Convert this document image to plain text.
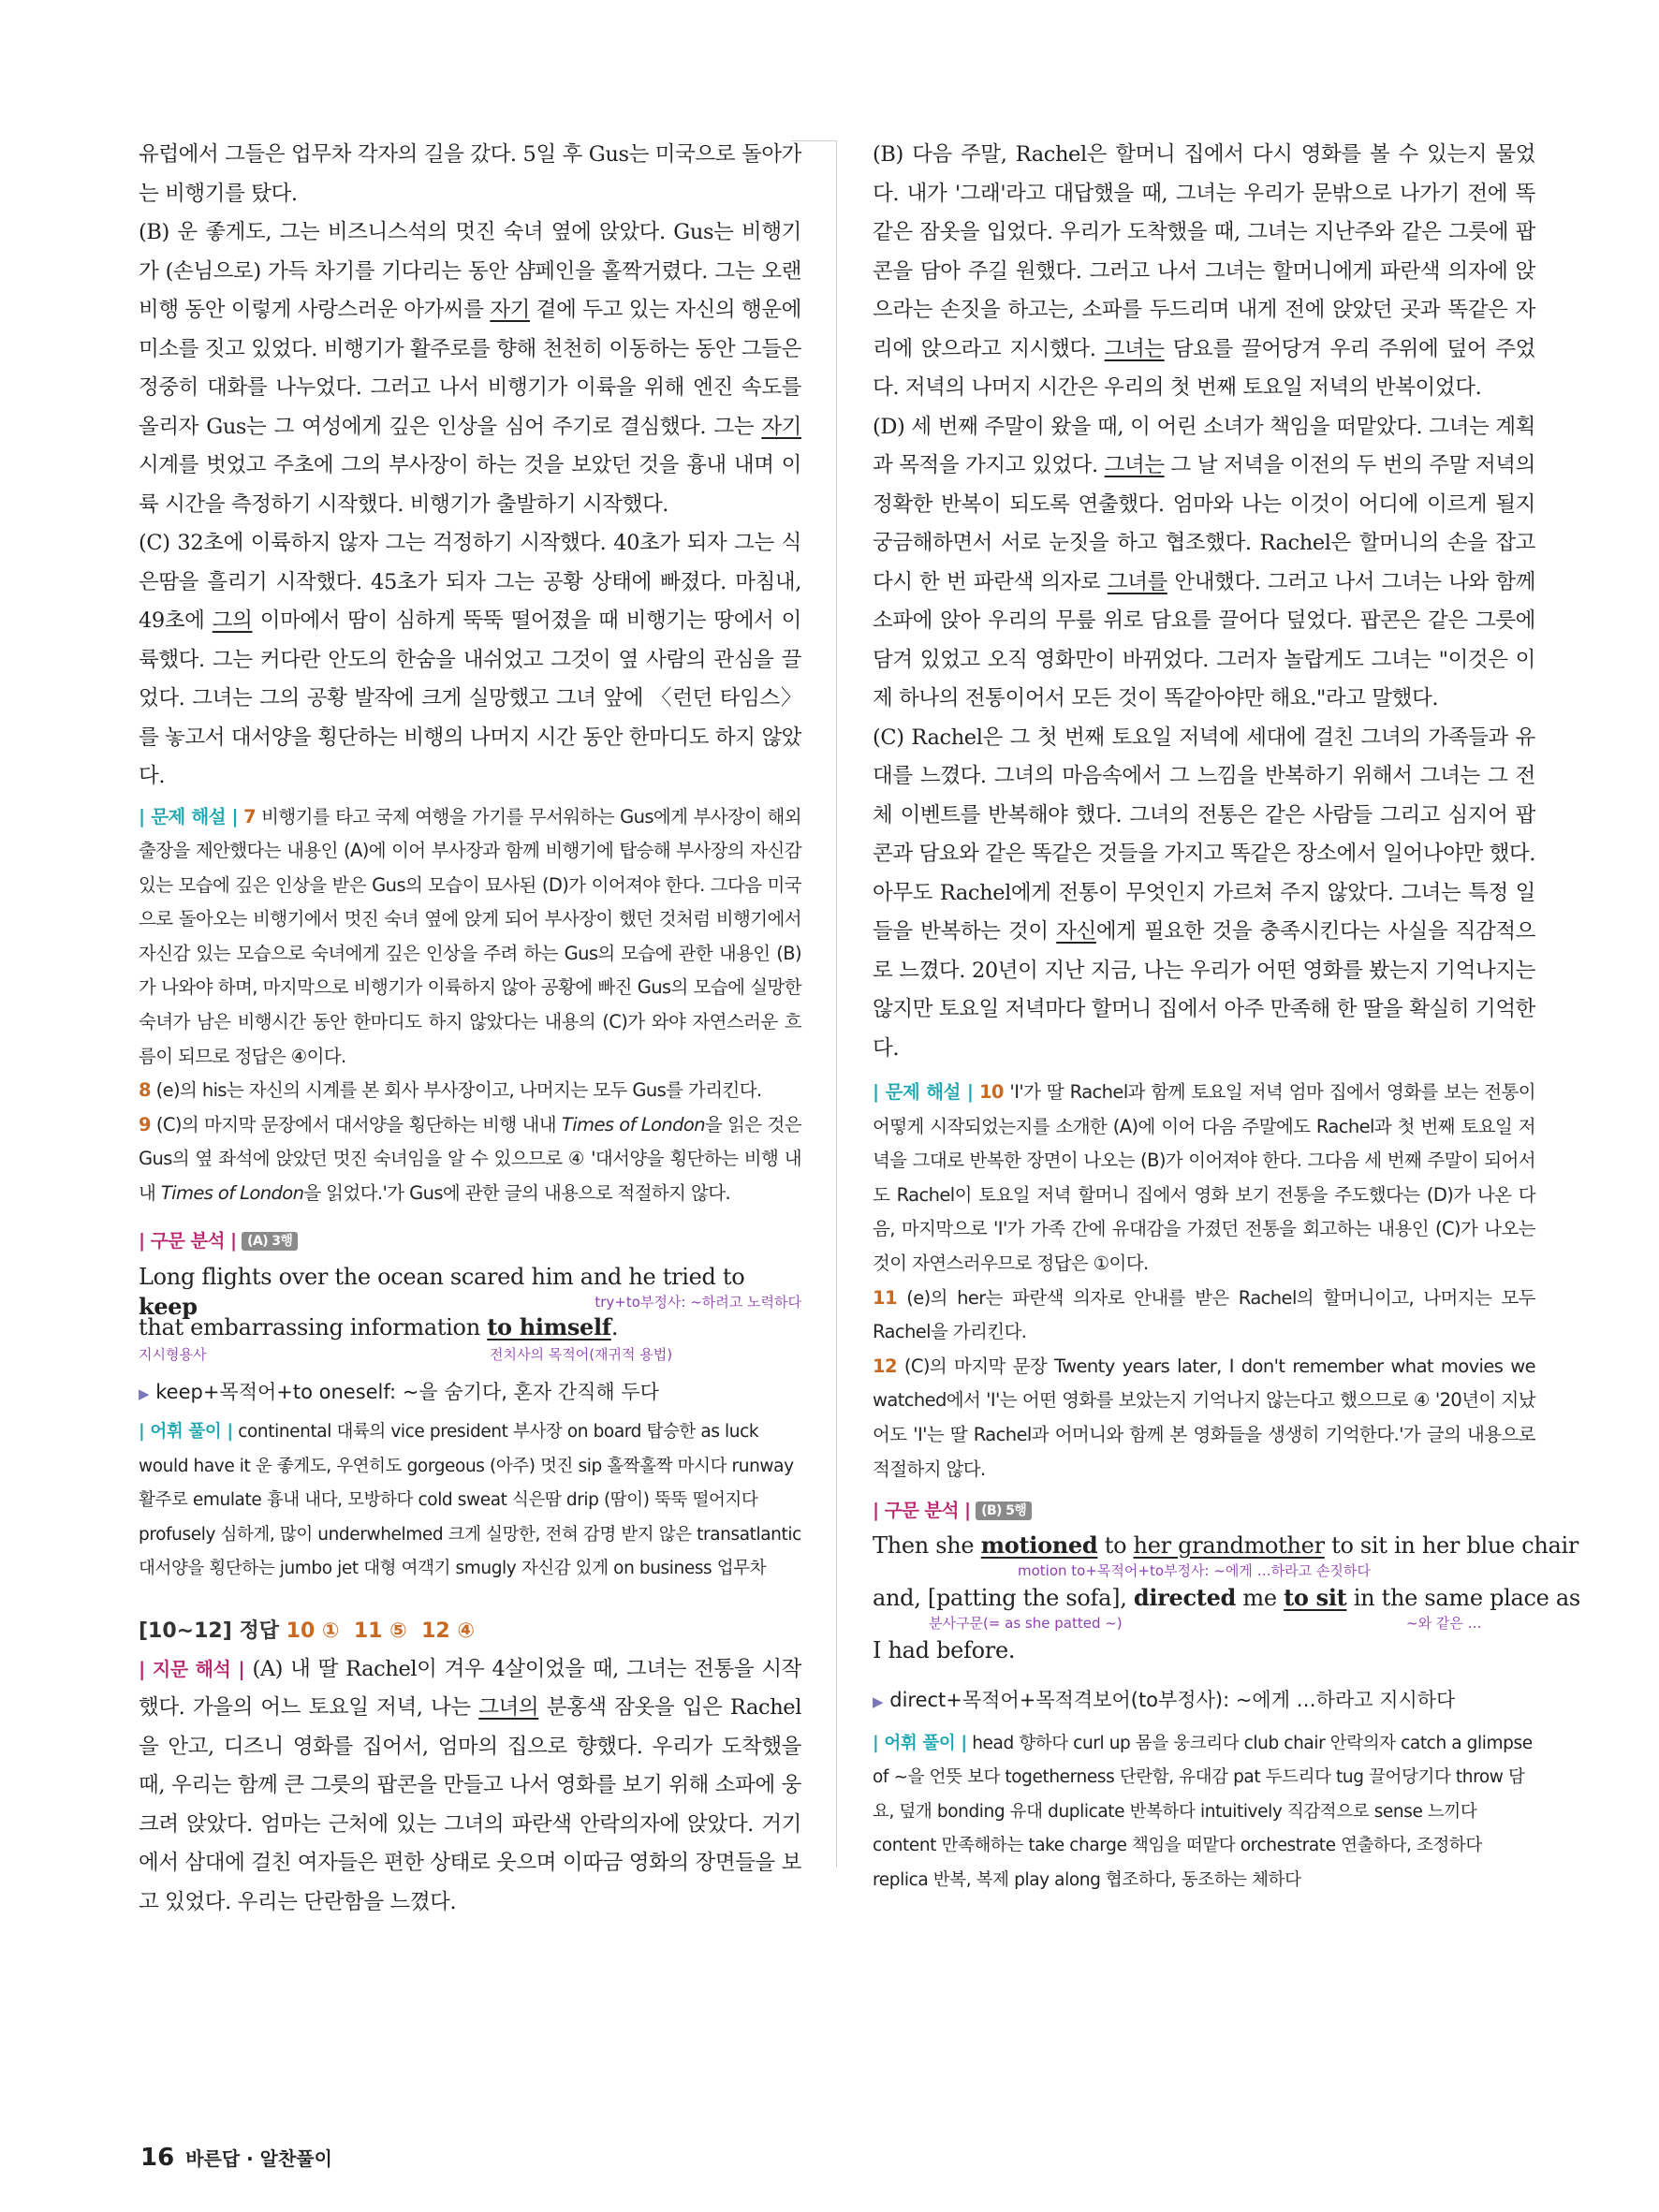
유럽에서 그들은 업무차 각자의 길을 갔다. 5일 후 Gus는 미국으로 돌아가는 비행기를 탔다.

(B) 운 좋게도, 그는 비즈니스석의 멋진 숙녀 옆에 앉았다. Gus는 비행기가 (손님으로) 가득 차기를 기다리는 동안 샴페인을 홀짝거렸다. 그는 오랜 비행 동안 이렇게 사랑스러운 아가씨를 자기 곁에 두고 있는 자신의 행운에 미소를 짓고 있었다. 비행기가 활주로를 향해 천천히 이동하는 동안 그들은 정중히 대화를 나누었다. 그러고 나서 비행기가 이륙을 위해 엔진 속도를 올리자 Gus는 그 여성에게 깊은 인상을 심어 주기로 결심했다. 그는 자기 시계를 벗었고 주초에 그의 부사장이 하는 것을 보았던 것을 흉내 내며 이륙 시간을 측정하기 시작했다. 비행기가 출발하기 시작했다.

(C) 32초에 이륙하지 않자 그는 걱정하기 시작했다. 40초가 되자 그는 식은땀을 흘리기 시작했다. 45초가 되자 그는 공황 상태에 빠졌다. 마침내, 49초에 그의 이마에서 땀이 심하게 뚝뚝 떨어졌을 때 비행기는 땅에서 이륙했다. 그는 커다란 안도의 한숨을 내쉬었고 그것이 옆 사람의 관심을 끌었다. 그녀는 그의 공황 발작에 크게 실망했고 그녀 앞에 〈런던 타임스〉를 놓고서 대서양을 횡단하는 비행의 나머지 시간 동안 한마디도 하지 않았다.

| 문제 해설 | 7 비행기를 타고 국제 여행을 가기를 무서워하는 Gus에게 부사장이 해외 출장을 제안했다는 내용인 (A)에 이어 부사장과 함께 비행기에 탑승해 부사장의 자신감 있는 모습에 깊은 인상을 받은 Gus의 모습이 묘사된 (D)가 이어져야 한다. 그다음 미국으로 돌아오는 비행기에서 멋진 숙녀 옆에 앉게 되어 부사장이 했던 것처럼 비행기에서 자신감 있는 모습으로 숙녀에게 깊은 인상을 주려 하는 Gus의 모습에 관한 내용인 (B)가 나와야 하며, 마지막으로 비행기가 이륙하지 않아 공황에 빠진 Gus의 모습에 실망한 숙녀가 남은 비행시간 동안 한마디도 하지 않았다는 내용의 (C)가 와야 자연스러운 흐름이 되므로 정답은 ④이다.

8 (e)의 his는 자신의 시계를 본 회사 부사장이고, 나머지는 모두 Gus를 가리킨다.

9 (C)의 마지막 문장에서 대서양을 횡단하는 비행 내내 Times of London을 읽은 것은 Gus의 옆 좌석에 앉았던 멋진 숙녀임을 알 수 있으므로 ④ '대서양을 횡단하는 비행 내내 Times of London을 읽었다.'가 Gus에 관한 글의 내용으로 적절하지 않다.

| 구문 분석 | (A) 3행

Long flights over the ocean scared him and he tried to keep	try+to부정사: ~하려고 노력하다
that embarrassing information to himself.
지시형용사	전치사의 목적어(재귀적 용법)

▶ keep+목적어+to oneself: ~을 숨기다, 혼자 간직해 두다

| 어휘 풀이 | continental 대륙의 vice president 부사장 on board 탑승한 as luck would have it 운 좋게도, 우연히도 gorgeous (아주) 멋진 sip 홀짝홀짝 마시다 runway 활주로 emulate 흉내 내다, 모방하다 cold sweat 식은땀 drip (땀이) 뚝뚝 떨어지다 profusely 심하게, 많이 underwhelmed 크게 실망한, 전혀 감명 받지 않은 transatlantic 대서양을 횡단하는 jumbo jet 대형 여객기 smugly 자신감 있게 on business 업무차

[10~12] 정답 10 ① 11 ⑤ 12 ④

| 지문 해석 | (A) 내 딸 Rachel이 겨우 4살이었을 때, 그녀는 전통을 시작했다. 가을의 어느 토요일 저녁, 나는 그녀의 분홍색 잠옷을 입은 Rachel을 안고, 디즈니 영화를 집어서, 엄마의 집으로 향했다. 우리가 도착했을 때, 우리는 함께 큰 그릇의 팝콘을 만들고 나서 영화를 보기 위해 소파에 웅크려 앉았다. 엄마는 근처에 있는 그녀의 파란색 안락의자에 앉았다. 거기에서 삼대에 걸친 여자들은 편한 상태로 웃으며 이따금 영화의 장면들을 보고 있었다. 우리는 단란함을 느꼈다.

(B) 다음 주말, Rachel은 할머니 집에서 다시 영화를 볼 수 있는지 물었다. 내가 '그래'라고 대답했을 때, 그녀는 우리가 문밖으로 나가기 전에 똑같은 잠옷을 입었다. 우리가 도착했을 때, 그녀는 지난주와 같은 그릇에 팝콘을 담아 주길 원했다. 그러고 나서 그녀는 할머니에게 파란색 의자에 앉으라는 손짓을 하고는, 소파를 두드리며 내게 전에 앉았던 곳과 똑같은 자리에 앉으라고 지시했다. 그녀는 담요를 끌어당겨 우리 주위에 덮어 주었다. 저녁의 나머지 시간은 우리의 첫 번째 토요일 저녁의 반복이었다.

(D) 세 번째 주말이 왔을 때, 이 어린 소녀가 책임을 떠맡았다. 그녀는 계획과 목적을 가지고 있었다. 그녀는 그 날 저녁을 이전의 두 번의 주말 저녁의 정확한 반복이 되도록 연출했다. 엄마와 나는 이것이 어디에 이르게 될지 궁금해하면서 서로 눈짓을 하고 협조했다. Rachel은 할머니의 손을 잡고 다시 한 번 파란색 의자로 그녀를 안내했다. 그러고 나서 그녀는 나와 함께 소파에 앉아 우리의 무릎 위로 담요를 끌어다 덮었다. 팝콘은 같은 그릇에 담겨 있었고 오직 영화만이 바뀌었다. 그러자 놀랍게도 그녀는 "이것은 이제 하나의 전통이어서 모든 것이 똑같아야만 해요."라고 말했다.

(C) Rachel은 그 첫 번째 토요일 저녁에 세대에 걸친 그녀의 가족들과 유대를 느꼈다. 그녀의 마음속에서 그 느낌을 반복하기 위해서 그녀는 그 전체 이벤트를 반복해야 했다. 그녀의 전통은 같은 사람들 그리고 심지어 팝콘과 담요와 같은 똑같은 것들을 가지고 똑같은 장소에서 일어나야만 했다. 아무도 Rachel에게 전통이 무엇인지 가르쳐 주지 않았다. 그녀는 특정 일들을 반복하는 것이 자신에게 필요한 것을 충족시킨다는 사실을 직감적으로 느꼈다. 20년이 지난 지금, 나는 우리가 어떤 영화를 봤는지 기억나지는 않지만 토요일 저녁마다 할머니 집에서 아주 만족해 한 딸을 확실히 기억한다.

| 문제 해설 | 10 'I'가 딸 Rachel과 함께 토요일 저녁 엄마 집에서 영화를 보는 전통이 어떻게 시작되었는지를 소개한 (A)에 이어 다음 주말에도 Rachel과 첫 번째 토요일 저녁을 그대로 반복한 장면이 나오는 (B)가 이어져야 한다. 그다음 세 번째 주말이 되어서도 Rachel이 토요일 저녁 할머니 집에서 영화 보기 전통을 주도했다는 (D)가 나온 다음, 마지막으로 'I'가 가족 간에 유대감을 가졌던 전통을 회고하는 내용인 (C)가 나오는 것이 자연스러우므로 정답은 ①이다.

11 (e)의 her는 파란색 의자로 안내를 받은 Rachel의 할머니이고, 나머지는 모두 Rachel을 가리킨다.

12 (C)의 마지막 문장 Twenty years later, I don't remember what movies we watched에서 'I'는 어떤 영화를 보았는지 기억나지 않는다고 했으므로 ④ '20년이 지났어도 'I'는 딸 Rachel과 어머니와 함께 본 영화들을 생생히 기억한다.'가 글의 내용으로 적절하지 않다.

| 구문 분석 | (B) 5행

Then she motioned to her grandmother to sit in her blue chair
motion to+목적어+to부정사: ~에게 …하라고 손짓하다
and, [patting the sofa], directed me to sit in the same place as
분사구문(= as she patted ~)	~와 같은 …
I had before.

▶ direct+목적어+목적격보어(to부정사): ~에게 …하라고 지시하다

| 어휘 풀이 | head 향하다 curl up 몸을 웅크리다 club chair 안락의자 catch a glimpse of ~을 언뜻 보다 togetherness 단란함, 유대감 pat 두드리다 tug 끌어당기다 throw 담요, 덮개 bonding 유대 duplicate 반복하다 intuitively 직감적으로 sense 느끼다 content 만족해하는 take charge 책임을 떠맡다 orchestrate 연출하다, 조정하다 replica 반복, 복제 play along 협조하다, 동조하는 체하다

16 바른답 · 알찬풀이
